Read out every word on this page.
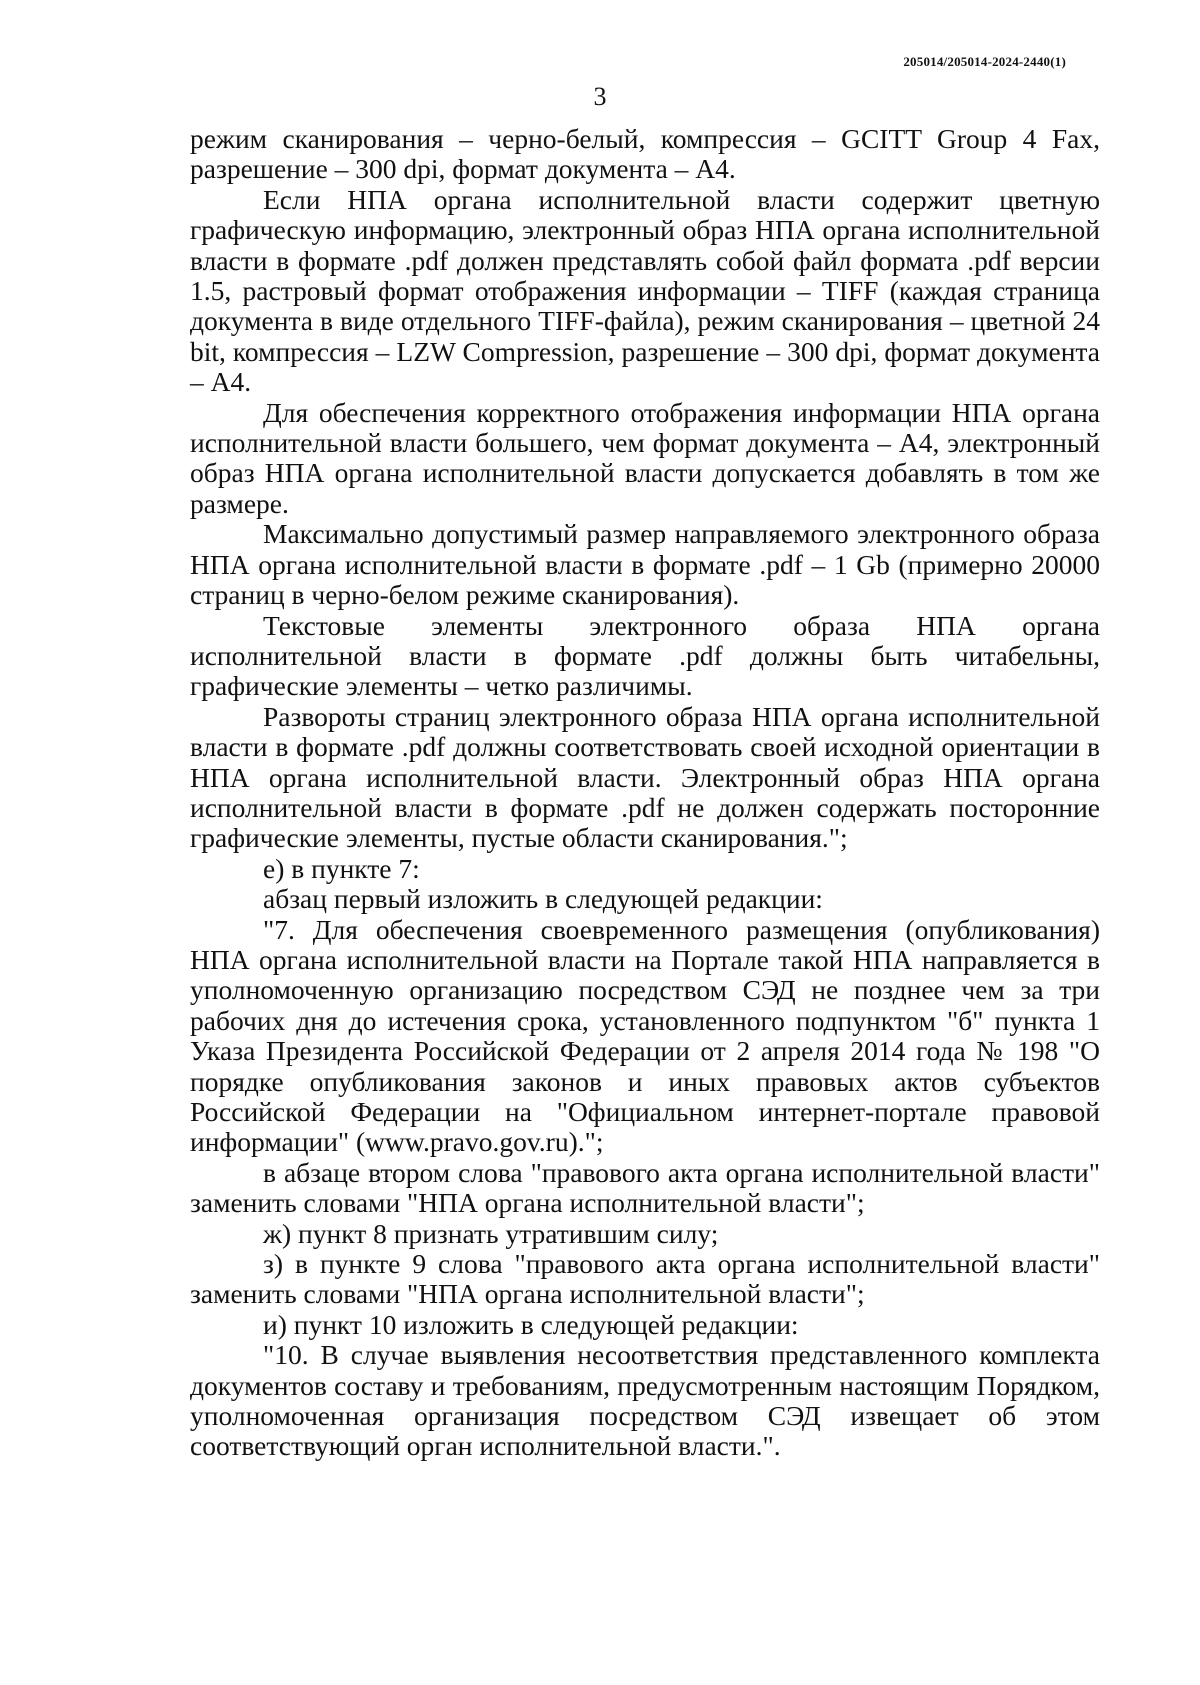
205014/205014-2024-2440(1)
3

режим сканирования – черно-белый, компрессия – GCITT Group 4 Fax, разрешение – 300 dpi, формат документа – А4.

Если НПА органа исполнительной власти содержит цветную графическую информацию, электронный образ НПА органа исполнительной власти в формате .pdf должен представлять собой файл формата .pdf версии 1.5, растровый формат отображения информации – TIFF (каждая страница документа в виде отдельного TIFF-файла), режим сканирования – цветной 24 bit, компрессия – LZW Compression, разрешение – 300 dpi, формат документа – А4.

Для обеспечения корректного отображения информации НПА органа исполнительной власти большего, чем формат документа – А4, электронный образ НПА органа исполнительной власти допускается добавлять в том же размере.

Максимально допустимый размер направляемого электронного образа НПА органа исполнительной власти в формате .pdf – 1 Gb (примерно 20000 страниц в черно-белом режиме сканирования).

Текстовые элементы электронного образа НПА органа исполнительной власти в формате .pdf должны быть читабельны, графические элементы – четко различимы.

Развороты страниц электронного образа НПА органа исполнительной власти в формате .pdf должны соответствовать своей исходной ориентации в НПА органа исполнительной власти. Электронный образ НПА органа исполнительной власти в формате .pdf не должен содержать посторонние графические элементы, пустые области сканирования.";

е) в пункте 7:

абзац первый изложить в следующей редакции:

"7. Для обеспечения своевременного размещения (опубликования) НПА органа исполнительной власти на Портале такой НПА направляется в уполномоченную организацию посредством СЭД не позднее чем за три рабочих дня до истечения срока, установленного подпунктом "б" пункта 1 Указа Президента Российской Федерации от 2 апреля 2014 года № 198 "О порядке опубликования законов и иных правовых актов субъектов Российской Федерации на "Официальном интернет-портале правовой информации" (www.pravo.gov.ru).";

в абзаце втором слова "правового акта органа исполнительной власти" заменить словами "НПА органа исполнительной власти";

ж) пункт 8 признать утратившим силу;

з) в пункте 9 слова "правового акта органа исполнительной власти" заменить словами "НПА органа исполнительной власти";

и) пункт 10 изложить в следующей редакции:

"10. В случае выявления несоответствия представленного комплекта документов составу и требованиям, предусмотренным настоящим Порядком, уполномоченная организация посредством СЭД извещает об этом соответствующий орган исполнительной власти.".
